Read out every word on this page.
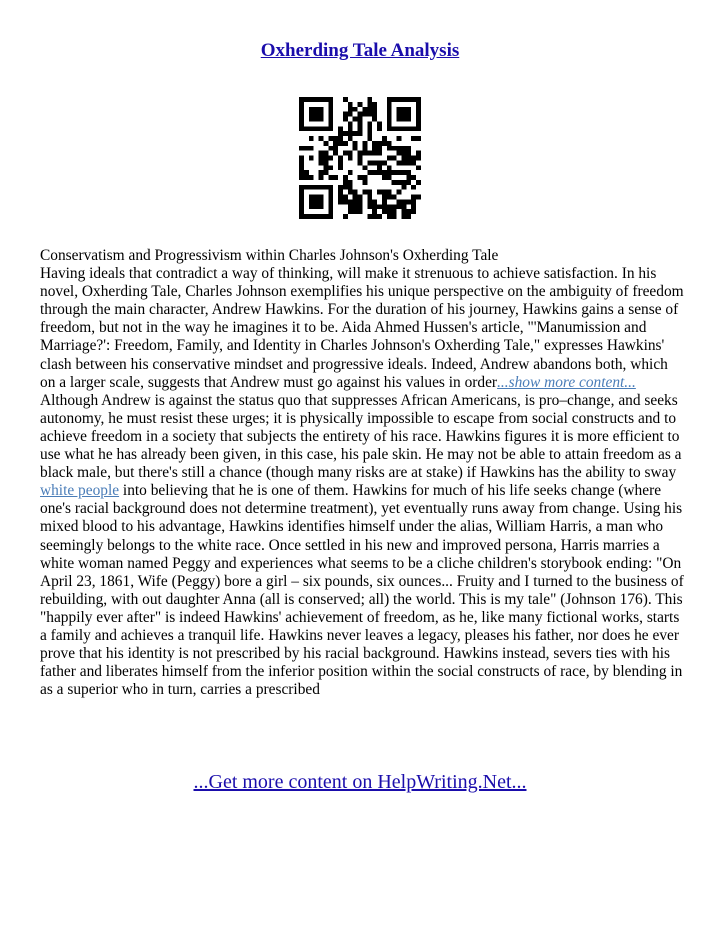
Oxherding Tale Analysis

Conservatism and Progressivism within Charles Johnson's Oxherding Tale

Having ideals that contradict a way of thinking, will make it strenuous to achieve satisfaction. In his novel, Oxherding Tale, Charles Johnson exemplifies his unique perspective on the ambiguity of freedom through the main character, Andrew Hawkins. For the duration of his journey, Hawkins gains a sense of freedom, but not in the way he imagines it to be. Aida Ahmed Hussen's article, "'Manumission and Marriage?': Freedom, Family, and Identity in Charles Johnson's Oxherding Tale," expresses Hawkins' clash between his conservative mindset and progressive ideals. Indeed, Andrew abandons both, which on a larger scale, suggests that Andrew must go against his values in order...show more content...

Although Andrew is against the status quo that suppresses African Americans, is pro–change, and seeks autonomy, he must resist these urges; it is physically impossible to escape from social constructs and to achieve freedom in a society that subjects the entirety of his race. Hawkins figures it is more efficient to use what he has already been given, in this case, his pale skin. He may not be able to attain freedom as a black male, but there's still a chance (though many risks are at stake) if Hawkins has the ability to sway white people into believing that he is one of them. Hawkins for much of his life seeks change (where one's racial background does not determine treatment), yet eventually runs away from change. Using his mixed blood to his advantage, Hawkins identifies himself under the alias, William Harris, a man who seemingly belongs to the white race. Once settled in his new and improved persona, Harris marries a white woman named Peggy and experiences what seems to be a cliche children's storybook ending: "On April 23, 1861, Wife (Peggy) bore a girl – six pounds, six ounces... Fruity and I turned to the business of rebuilding, with out daughter Anna (all is conserved; all) the world. This is my tale" (Johnson 176). This "happily ever after" is indeed Hawkins' achievement of freedom, as he, like many fictional works, starts a family and achieves a tranquil life. Hawkins never leaves a legacy, pleases his father, nor does he ever prove that his identity is not prescribed by his racial background. Hawkins instead, severs ties with his father and liberates himself from the inferior position within the social constructs of race, by blending in as a superior who in turn, carries a prescribed

...Get more content on HelpWriting.Net...
